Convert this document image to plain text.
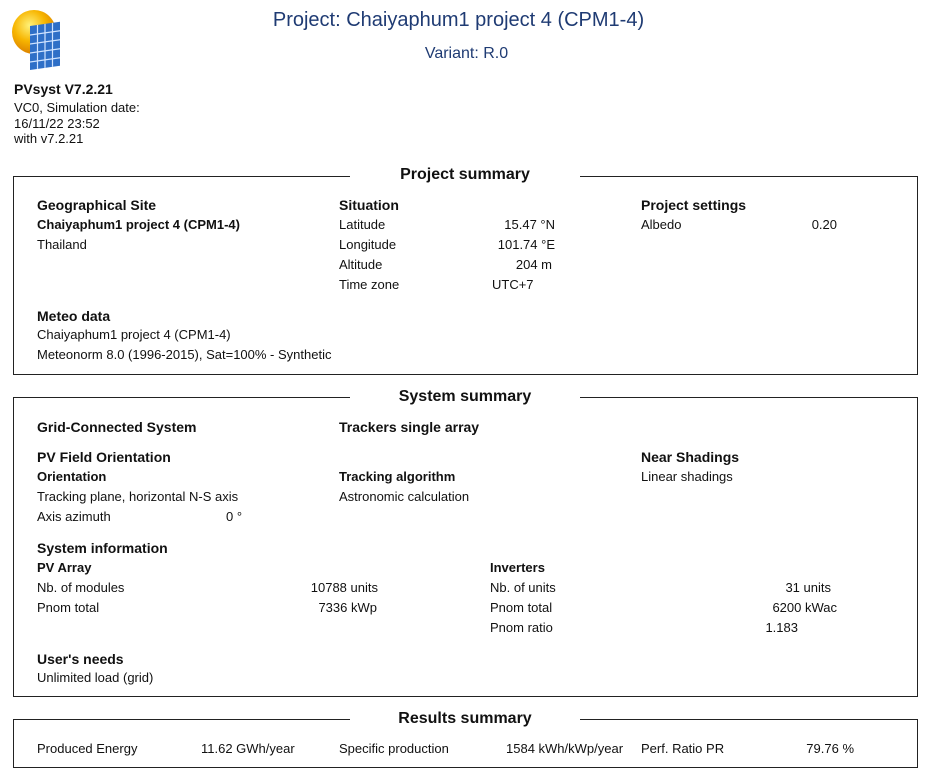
Project: Chaiyaphum1 project 4 (CPM1-4)
Variant: R.0
PVsyst V7.2.21
VC0, Simulation date:
16/11/22 23:52
with v7.2.21
Project summary
Geographical Site
Chaiyaphum1 project 4 (CPM1-4)
Thailand
Situation
Latitude	15.47 °N
Longitude	101.74 °E
Altitude	204 m
Time zone	UTC+7
Project settings
Albedo	0.20
Meteo data
Chaiyaphum1 project 4 (CPM1-4)
Meteonorm 8.0 (1996-2015), Sat=100% - Synthetic
System summary
Grid-Connected System	Trackers single array
PV Field Orientation
Orientation
Tracking plane, horizontal N-S axis
Axis azimuth	0 °
Tracking algorithm
Astronomic calculation
Near Shadings
Linear shadings
System information
PV Array
Nb. of modules	10788 units
Pnom total	7336 kWp
Inverters
Nb. of units	31 units
Pnom total	6200 kWac
Pnom ratio	1.183
User's needs
Unlimited load (grid)
Results summary
Produced Energy	11.62 GWh/year	Specific production	1584 kWh/kWp/year Perf. Ratio PR	79.76 %
